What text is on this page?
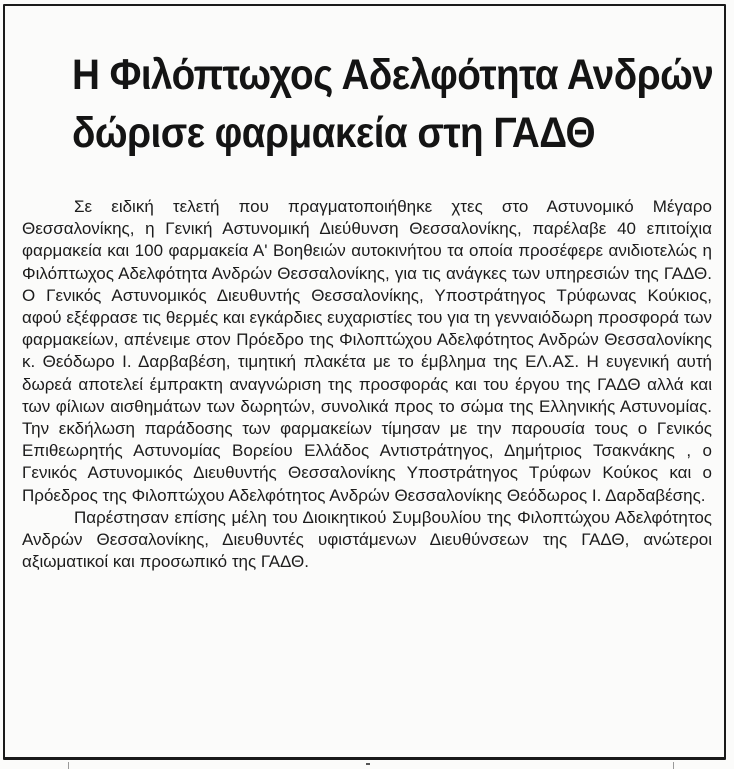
Η Φιλόπτωχος Αδελφότητα Ανδρών
δώρισε φαρμακεία στη ΓΑΔΘ

Σε ειδική τελετή που πραγματοποιήθηκε χτες στο Αστυνομικό Μέγαρο Θεσσαλονίκης, η Γενική Αστυνομική Διεύθυνση Θεσσαλονίκης, παρέλαβε 40 επιτοίχια φαρμακεία και 100 φαρμακεία Α' Βοηθειών αυτοκινήτου τα οποία προσέφερε ανιδιοτελώς η Φιλόπτωχος Αδελφότητα Ανδρών Θεσσαλονίκης, για τις ανάγκες των υπηρεσιών της ΓΑΔΘ. Ο Γενικός Αστυνομικός Διευθυντής Θεσσαλονίκης, Υποστράτηγος Τρύφωνας Κούκιος, αφού εξέφρασε τις θερμές και εγκάρδιες ευχαριστίες του για τη γενναιόδωρη προσφορά των φαρμακείων, απένειμε στον Πρόεδρο της Φιλοπτώχου Αδελφότητος Ανδρών Θεσσαλονίκης κ. Θεόδωρο Ι. Δαρβαβέση, τιμητική πλακέτα με το έμβλημα της ΕΛ.ΑΣ. Η ευγενική αυτή δωρεά αποτελεί έμπρακτη αναγνώριση της προσφοράς και του έργου της ΓΑΔΘ αλλά και των φίλιων αισθημάτων των δωρητών, συνολικά προς το σώμα της Ελληνικής Αστυνομίας. Την εκδήλωση παράδοσης των φαρμακείων τίμησαν με την παρουσία τους ο Γενικός Επιθεωρητής Αστυνομίας Βορείου Ελλάδος Αντιστράτηγος, Δημήτριος Τσακνάκης , ο Γενικός Αστυνομικός Διευθυντής Θεσσαλονίκης Υποστράτηγος Τρύφων Κούκος και ο Πρόεδρος της Φιλοπτώχου Αδελφότητος Ανδρών Θεσσαλονίκης Θεόδωρος Ι. Δαρδαβέσης.

Παρέστησαν επίσης μέλη του Διοικητικού Συμβουλίου της Φιλοπτώχου Αδελφότητος Ανδρών Θεσσαλονίκης, Διευθυντές υφιστάμενων Διευθύνσεων της ΓΑΔΘ, ανώτεροι αξιωματικοί και προσωπικό της ΓΑΔΘ.
